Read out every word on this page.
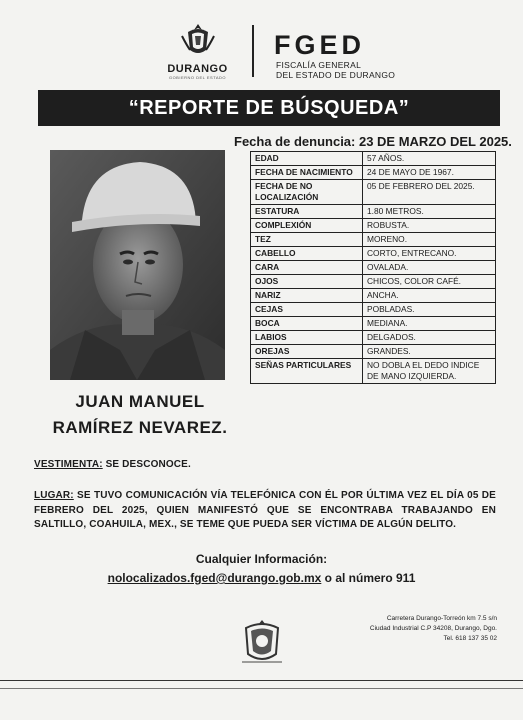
DURANGO
GOBIERNO DEL ESTADO
FGED
FISCALÍA GENERAL
DEL ESTADO DE DURANGO
“REPORTE DE BÚSQUEDA”
Fecha de denuncia: 23 DE MARZO DEL 2025.
JUAN MANUEL
RAMÍREZ NEVAREZ.
EDAD	57 AÑOS.
FECHA DE NACIMIENTO	24 DE MAYO DE 1967.
FECHA DE NO LOCALIZACIÓN	05 DE FEBRERO DEL 2025.
ESTATURA	1.80 METROS.
COMPLEXIÓN	ROBUSTA.
TEZ	MORENO.
CABELLO	CORTO, ENTRECANO.
CARA	OVALADA.
OJOS	CHICOS, COLOR CAFÉ.
NARIZ	ANCHA.
CEJAS	POBLADAS.
BOCA	MEDIANA.
LABIOS	DELGADOS.
OREJAS	GRANDES.
SEÑAS PARTICULARES	NO DOBLA EL DEDO INDICE DE MANO IZQUIERDA.
VESTIMENTA: SE DESCONOCE.
LUGAR: SE TUVO COMUNICACIÓN VÍA TELEFÓNICA CON ÉL POR ÚLTIMA VEZ EL DÍA 05 DE FEBRERO DEL 2025, QUIEN MANIFESTÓ QUE SE ENCONTRABA TRABAJANDO EN SALTILLO, COAHUILA, MEX., SE TEME QUE PUEDA SER VÍCTIMA DE ALGÚN DELITO.
Cualquier Información:
nolocalizados.fged@durango.gob.mx o al número 911
Carretera Durango-Torreón km 7.5 s/n
Ciudad Industrial C.P 34208, Durango, Dgo.
Tel. 618 137 35 02
